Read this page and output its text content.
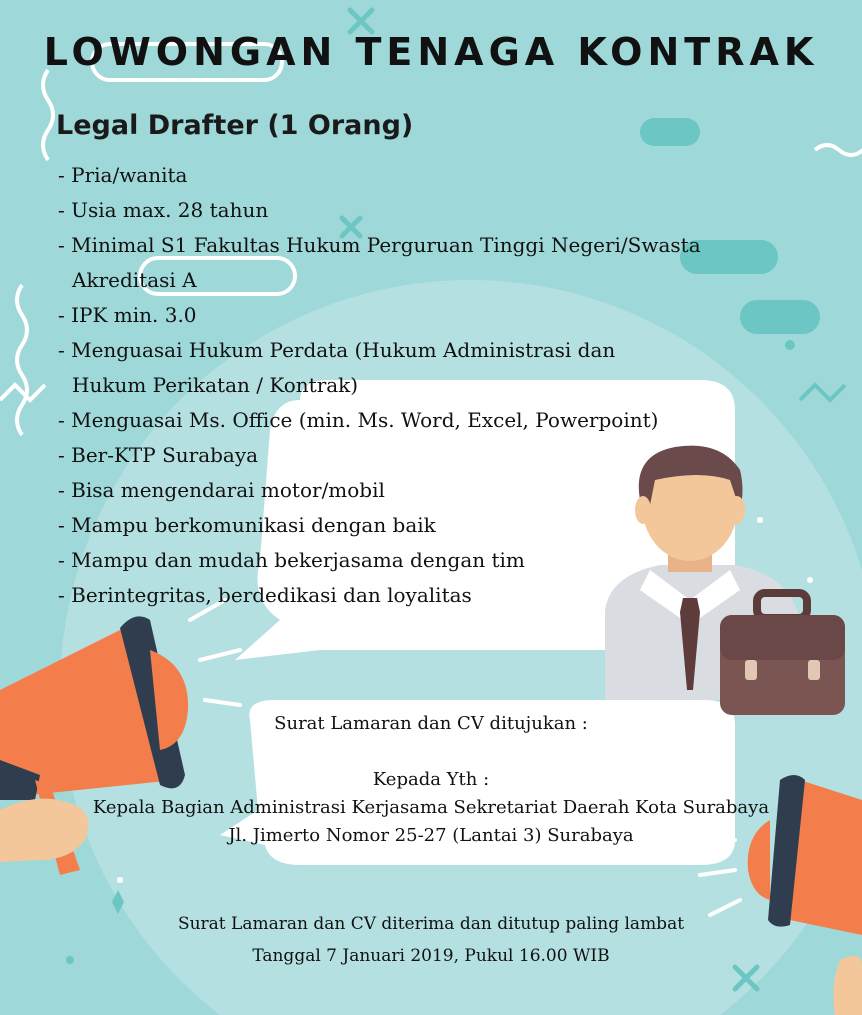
LOWONGAN TENAGA KONTRAK
Legal Drafter (1 Orang)
- Pria/wanita
- Usia max. 28 tahun
- Minimal S1 Fakultas Hukum Perguruan Tinggi Negeri/Swasta
Akreditasi A
- IPK min. 3.0
- Menguasai Hukum Perdata (Hukum Administrasi dan
Hukum Perikatan / Kontrak)
- Menguasai Ms. Office (min. Ms. Word, Excel, Powerpoint)
- Ber-KTP Surabaya
- Bisa mengendarai motor/mobil
- Mampu berkomunikasi dengan baik
- Mampu dan mudah bekerjasama dengan tim
- Berintegritas, berdedikasi dan loyalitas
Surat Lamaran dan CV ditujukan :
Kepada Yth :
Kepala Bagian Administrasi Kerjasama Sekretariat Daerah Kota Surabaya
Jl. Jimerto Nomor 25-27 (Lantai 3) Surabaya
Surat Lamaran dan CV diterima dan ditutup paling lambat
Tanggal 7 Januari 2019, Pukul 16.00 WIB
